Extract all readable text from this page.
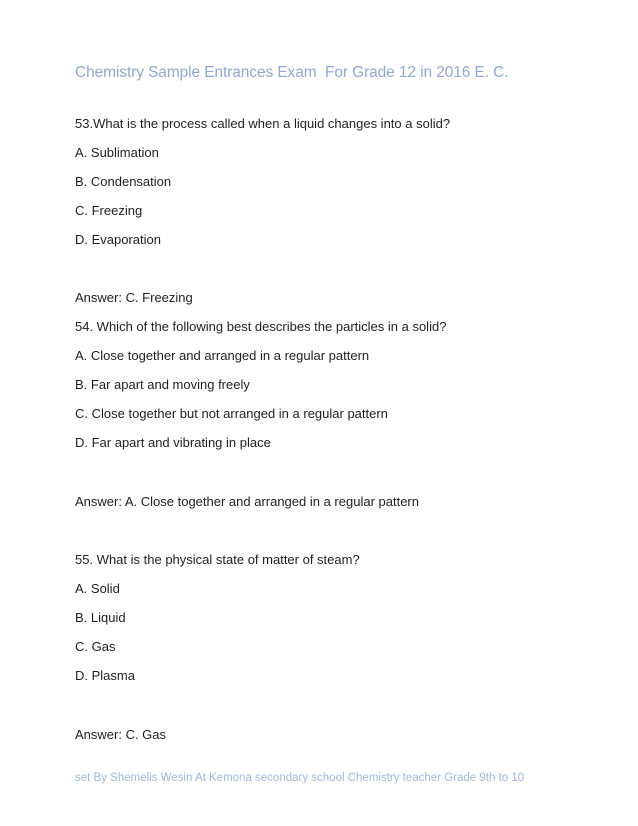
Chemistry Sample Entrances Exam  For Grade 12 in 2016 E. C.
53.What is the process called when a liquid changes into a solid?
A. Sublimation
B. Condensation
C. Freezing
D. Evaporation
Answer: C. Freezing
54. Which of the following best describes the particles in a solid?
A. Close together and arranged in a regular pattern
B. Far apart and moving freely
C. Close together but not arranged in a regular pattern
D. Far apart and vibrating in place
Answer: A. Close together and arranged in a regular pattern
55. What is the physical state of matter of steam?
A. Solid
B. Liquid
C. Gas
D. Plasma
Answer: C. Gas
set By Shemelis Wesin At Kemona secondary school Chemistry teacher Grade 9th to 10
